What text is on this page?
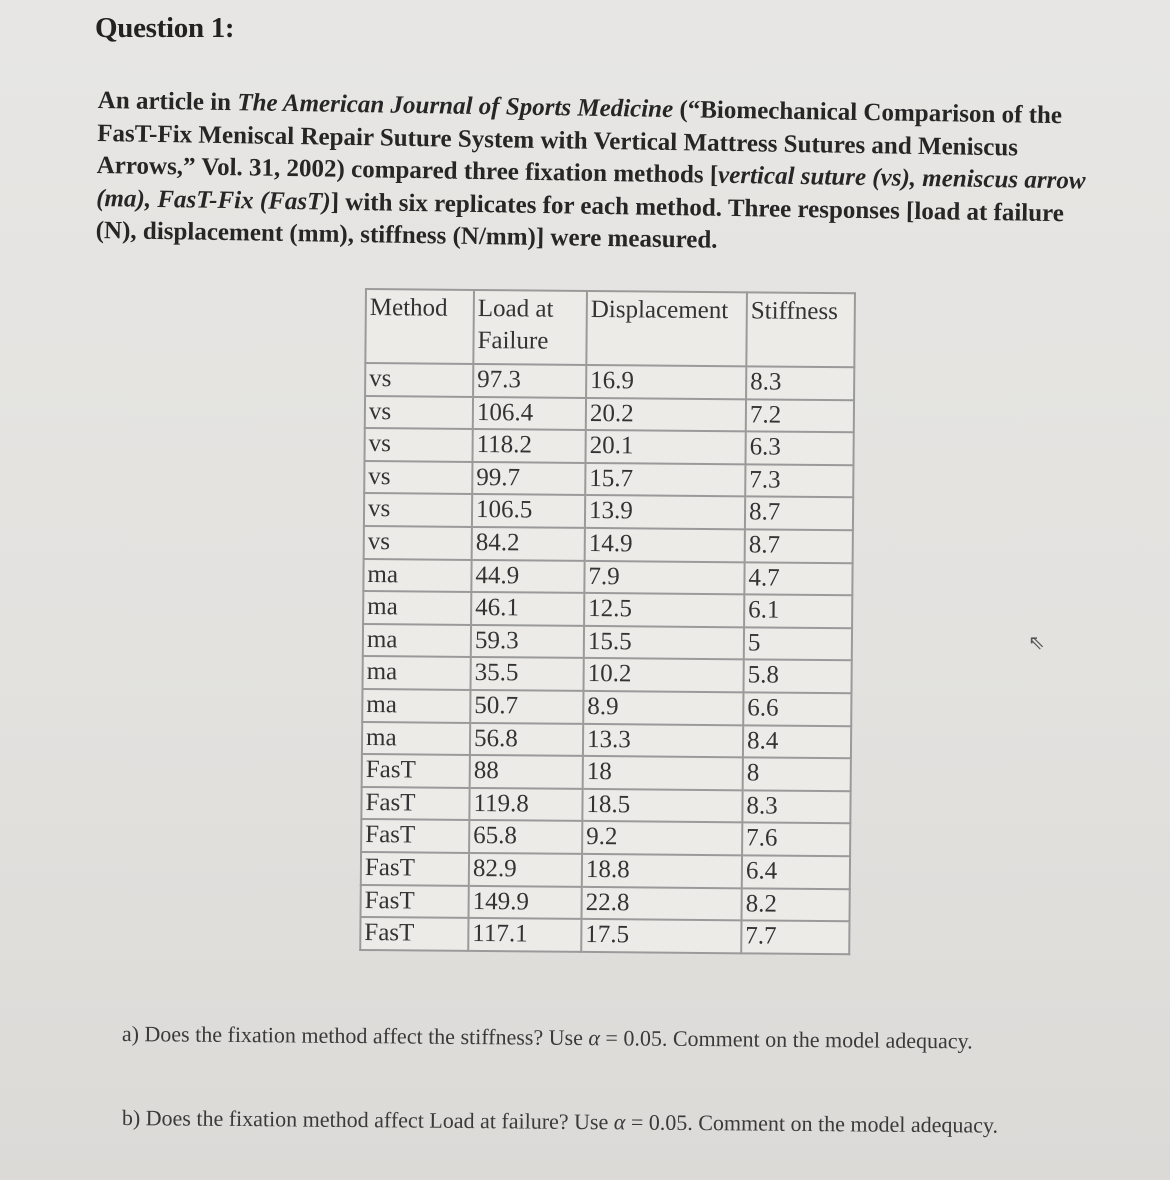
Question 1:
An article in The American Journal of Sports Medicine (“Biomechanical Comparison of the FasT-Fix Meniscal Repair Suture System with Vertical Mattress Sutures and Meniscus Arrows,” Vol. 31, 2002) compared three fixation methods [vertical suture (vs), meniscus arrow (ma), FasT-Fix (FasT)] with six replicates for each method. Three responses [load at failure (N), displacement (mm), stiffness (N/mm)] were measured.
Method	Load at Failure	Displacement	Stiffness
vs	97.3	16.9	8.3
vs	106.4	20.2	7.2
vs	118.2	20.1	6.3
vs	99.7	15.7	7.3
vs	106.5	13.9	8.7
vs	84.2	14.9	8.7
ma	44.9	7.9	4.7
ma	46.1	12.5	6.1
ma	59.3	15.5	5
ma	35.5	10.2	5.8
ma	50.7	8.9	6.6
ma	56.8	13.3	8.4
FasT	88	18	8
FasT	119.8	18.5	8.3
FasT	65.8	9.2	7.6
FasT	82.9	18.8	6.4
FasT	149.9	22.8	8.2
FasT	117.1	17.5	7.7
a) Does the fixation method affect the stiffness? Use α = 0.05. Comment on the model adequacy.
b) Does the fixation method affect Load at failure? Use α = 0.05. Comment on the model adequacy.
⇖
